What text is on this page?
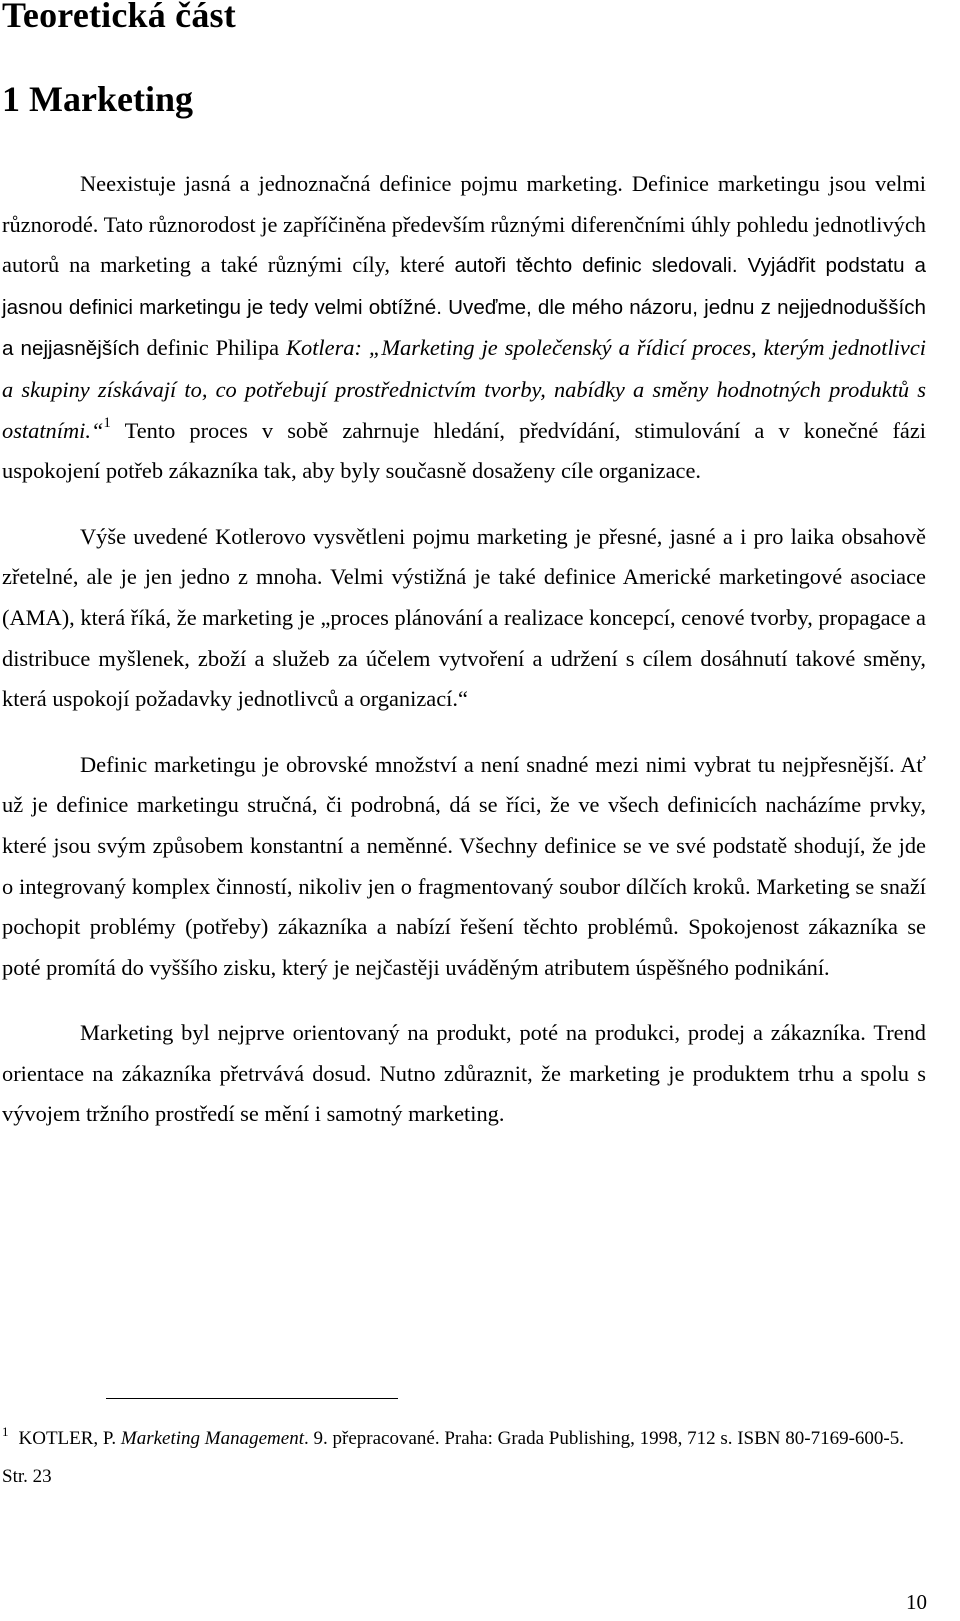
Teoretická část
1 Marketing

Neexistuje jasná a jednoznačná definice pojmu marketing. Definice marketingu jsou velmi různorodé. Tato různorodost je zapříčiněna především různými diferenčními úhly pohledu jednotlivých autorů na marketing a také různými cíly, které autoři těchto definic sledovali. Vyjádřit podstatu a jasnou definici marketingu je tedy velmi obtížné. Uveďme, dle mého názoru, jednu z nejjednodušších a nejjasnějších definic Philipa Kotlera: „Marketing je společenský a řídicí proces, kterým jednotlivci a skupiny získávají to, co potřebují prostřednictvím tvorby, nabídky a směny hodnotných produktů s ostatními.“$^1$ Tento proces v sobě zahrnuje hledání, předvídání, stimulování a v konečné fázi uspokojení potřeb zákazníka tak, aby byly současně dosaženy cíle organizace.

Výše uvedené Kotlerovo vysvětleni pojmu marketing je přesné, jasné a i pro laika obsahově zřetelné, ale je jen jedno z mnoha. Velmi výstižná je také definice Americké marketingové asociace (AMA), která říká, že marketing je „proces plánování a realizace koncepcí, cenové tvorby, propagace a distribuce myšlenek, zboží a služeb za účelem vytvoření a udržení s cílem dosáhnutí takové směny, která uspokojí požadavky jednotlivců a organizací.“

Definic marketingu je obrovské množství a není snadné mezi nimi vybrat tu nejpřesnější. Ať už je definice marketingu stručná, či podrobná, dá se říci, že ve všech definicích nacházíme prvky, které jsou svým způsobem konstantní a neměnné. Všechny definice se ve své podstatě shodují, že jde o integrovaný komplex činností, nikoliv jen o fragmentovaný soubor dílčích kroků. Marketing se snaží pochopit problémy (potřeby) zákazníka a nabízí řešení těchto problémů. Spokojenost zákazníka se poté promítá do vyššího zisku, který je nejčastěji uváděným atributem úspěšného podnikání.

Marketing byl nejprve orientovaný na produkt, poté na produkci, prodej a zákazníka. Trend orientace na zákazníka přetrvává dosud. Nutno zdůraznit, že marketing je produktem trhu a spolu s vývojem tržního prostředí se mění i samotný marketing.

$^1$ KOTLER, P. Marketing Management. 9. přepracované. Praha: Grada Publishing, 1998, 712 s. ISBN 80-7169-600-5. Str. 23
10
